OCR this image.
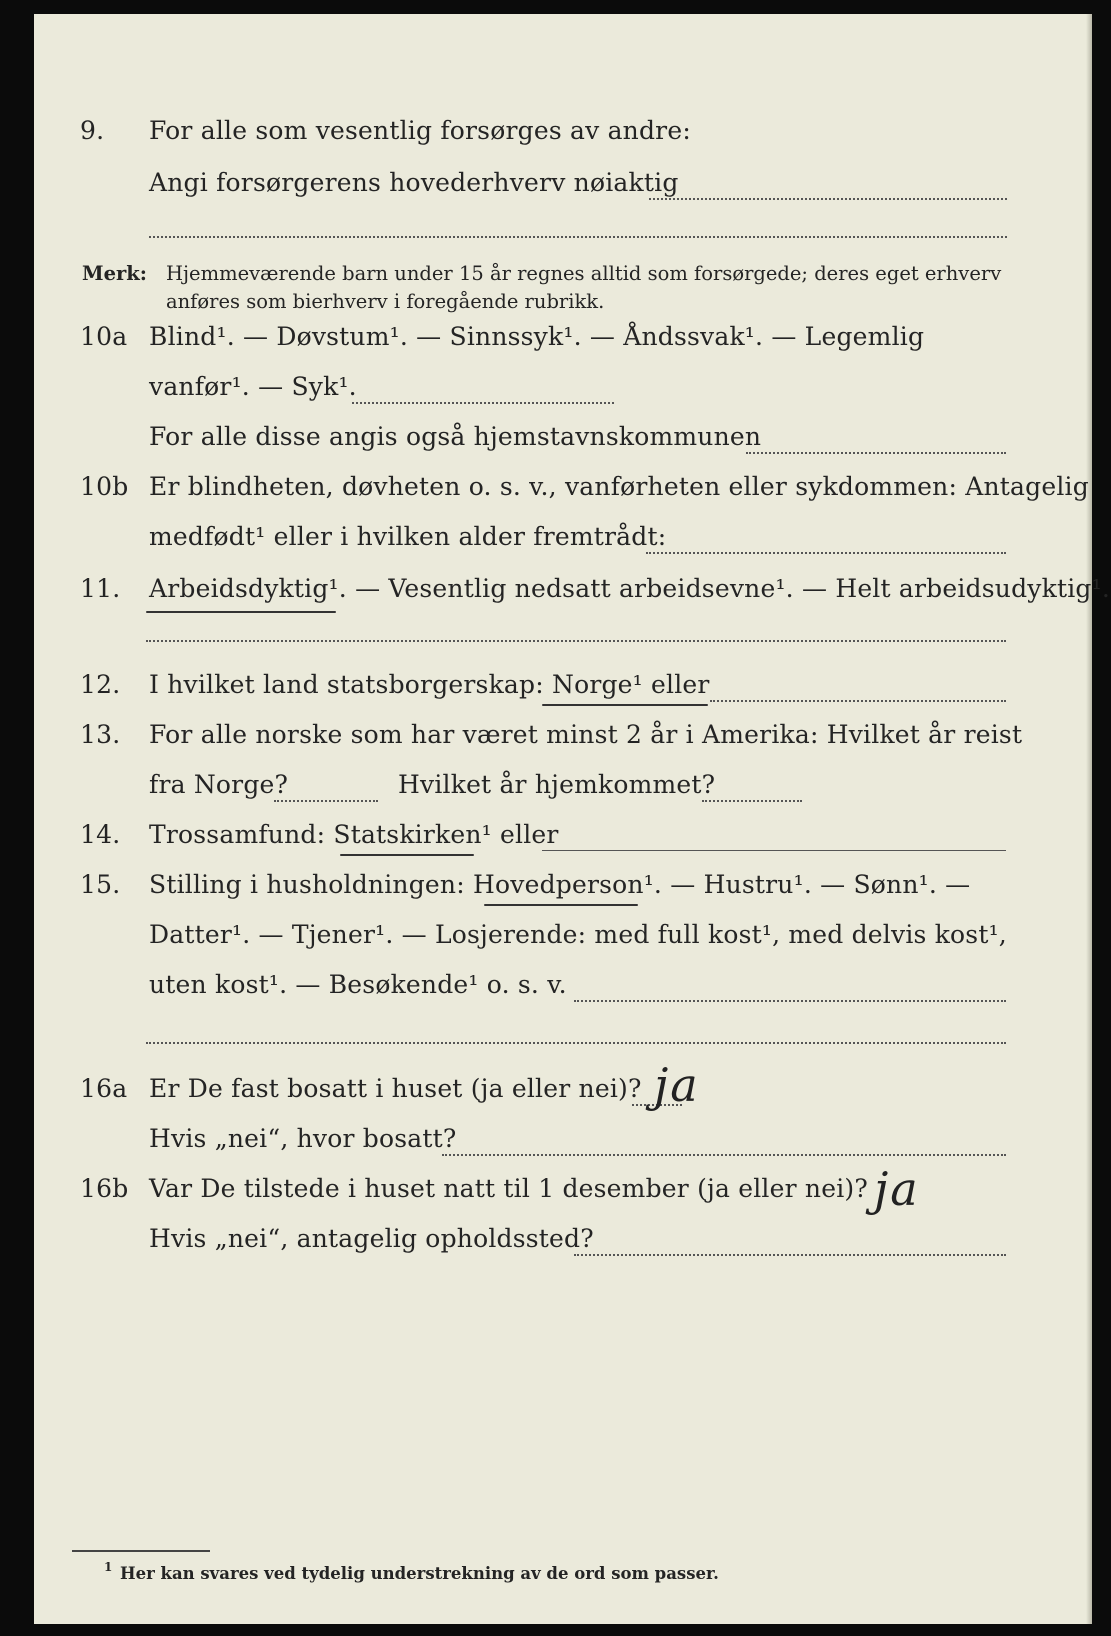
9. For alle som vesentlig forsørges av andre:
Angi forsørgerens hovederhverv nøiaktig
Merk: Hjemmeværende barn under 15 år regnes alltid som forsørgede; deres eget erhverv
anføres som bierhverv i foregående rubrikk.
10a Blind¹. — Døvstum¹. — Sinnssyk¹. — Åndssvak¹. — Legemlig
vanfør¹. — Syk¹.
For alle disse angis også hjemstavnskommunen
10b Er blindheten, døvheten o. s. v., vanførheten eller sykdommen: Antagelig
medfødt¹ eller i hvilken alder fremtrådt:
11. Arbeidsdyktig¹. — Vesentlig nedsatt arbeidsevne¹. — Helt arbeidsudyktig¹.
12. I hvilket land statsborgerskap: Norge¹ eller
13. For alle norske som har været minst 2 år i Amerika: Hvilket år reist
fra Norge?	Hvilket år hjemkommet?
14. Trossamfund: Statskirken¹ eller
15. Stilling i husholdningen: Hovedperson¹. — Hustru¹. — Sønn¹. —
Datter¹. — Tjener¹. — Losjerende: med full kost¹, med delvis kost¹,
uten kost¹. — Besøkende¹ o. s. v.
16a Er De fast bosatt i huset (ja eller nei)? ja
Hvis „nei“, hvor bosatt?
16b Var De tilstede i huset natt til 1 desember (ja eller nei)? ja
Hvis „nei“, antagelig opholdssted?
1 Her kan svares ved tydelig understrekning av de ord som passer.
